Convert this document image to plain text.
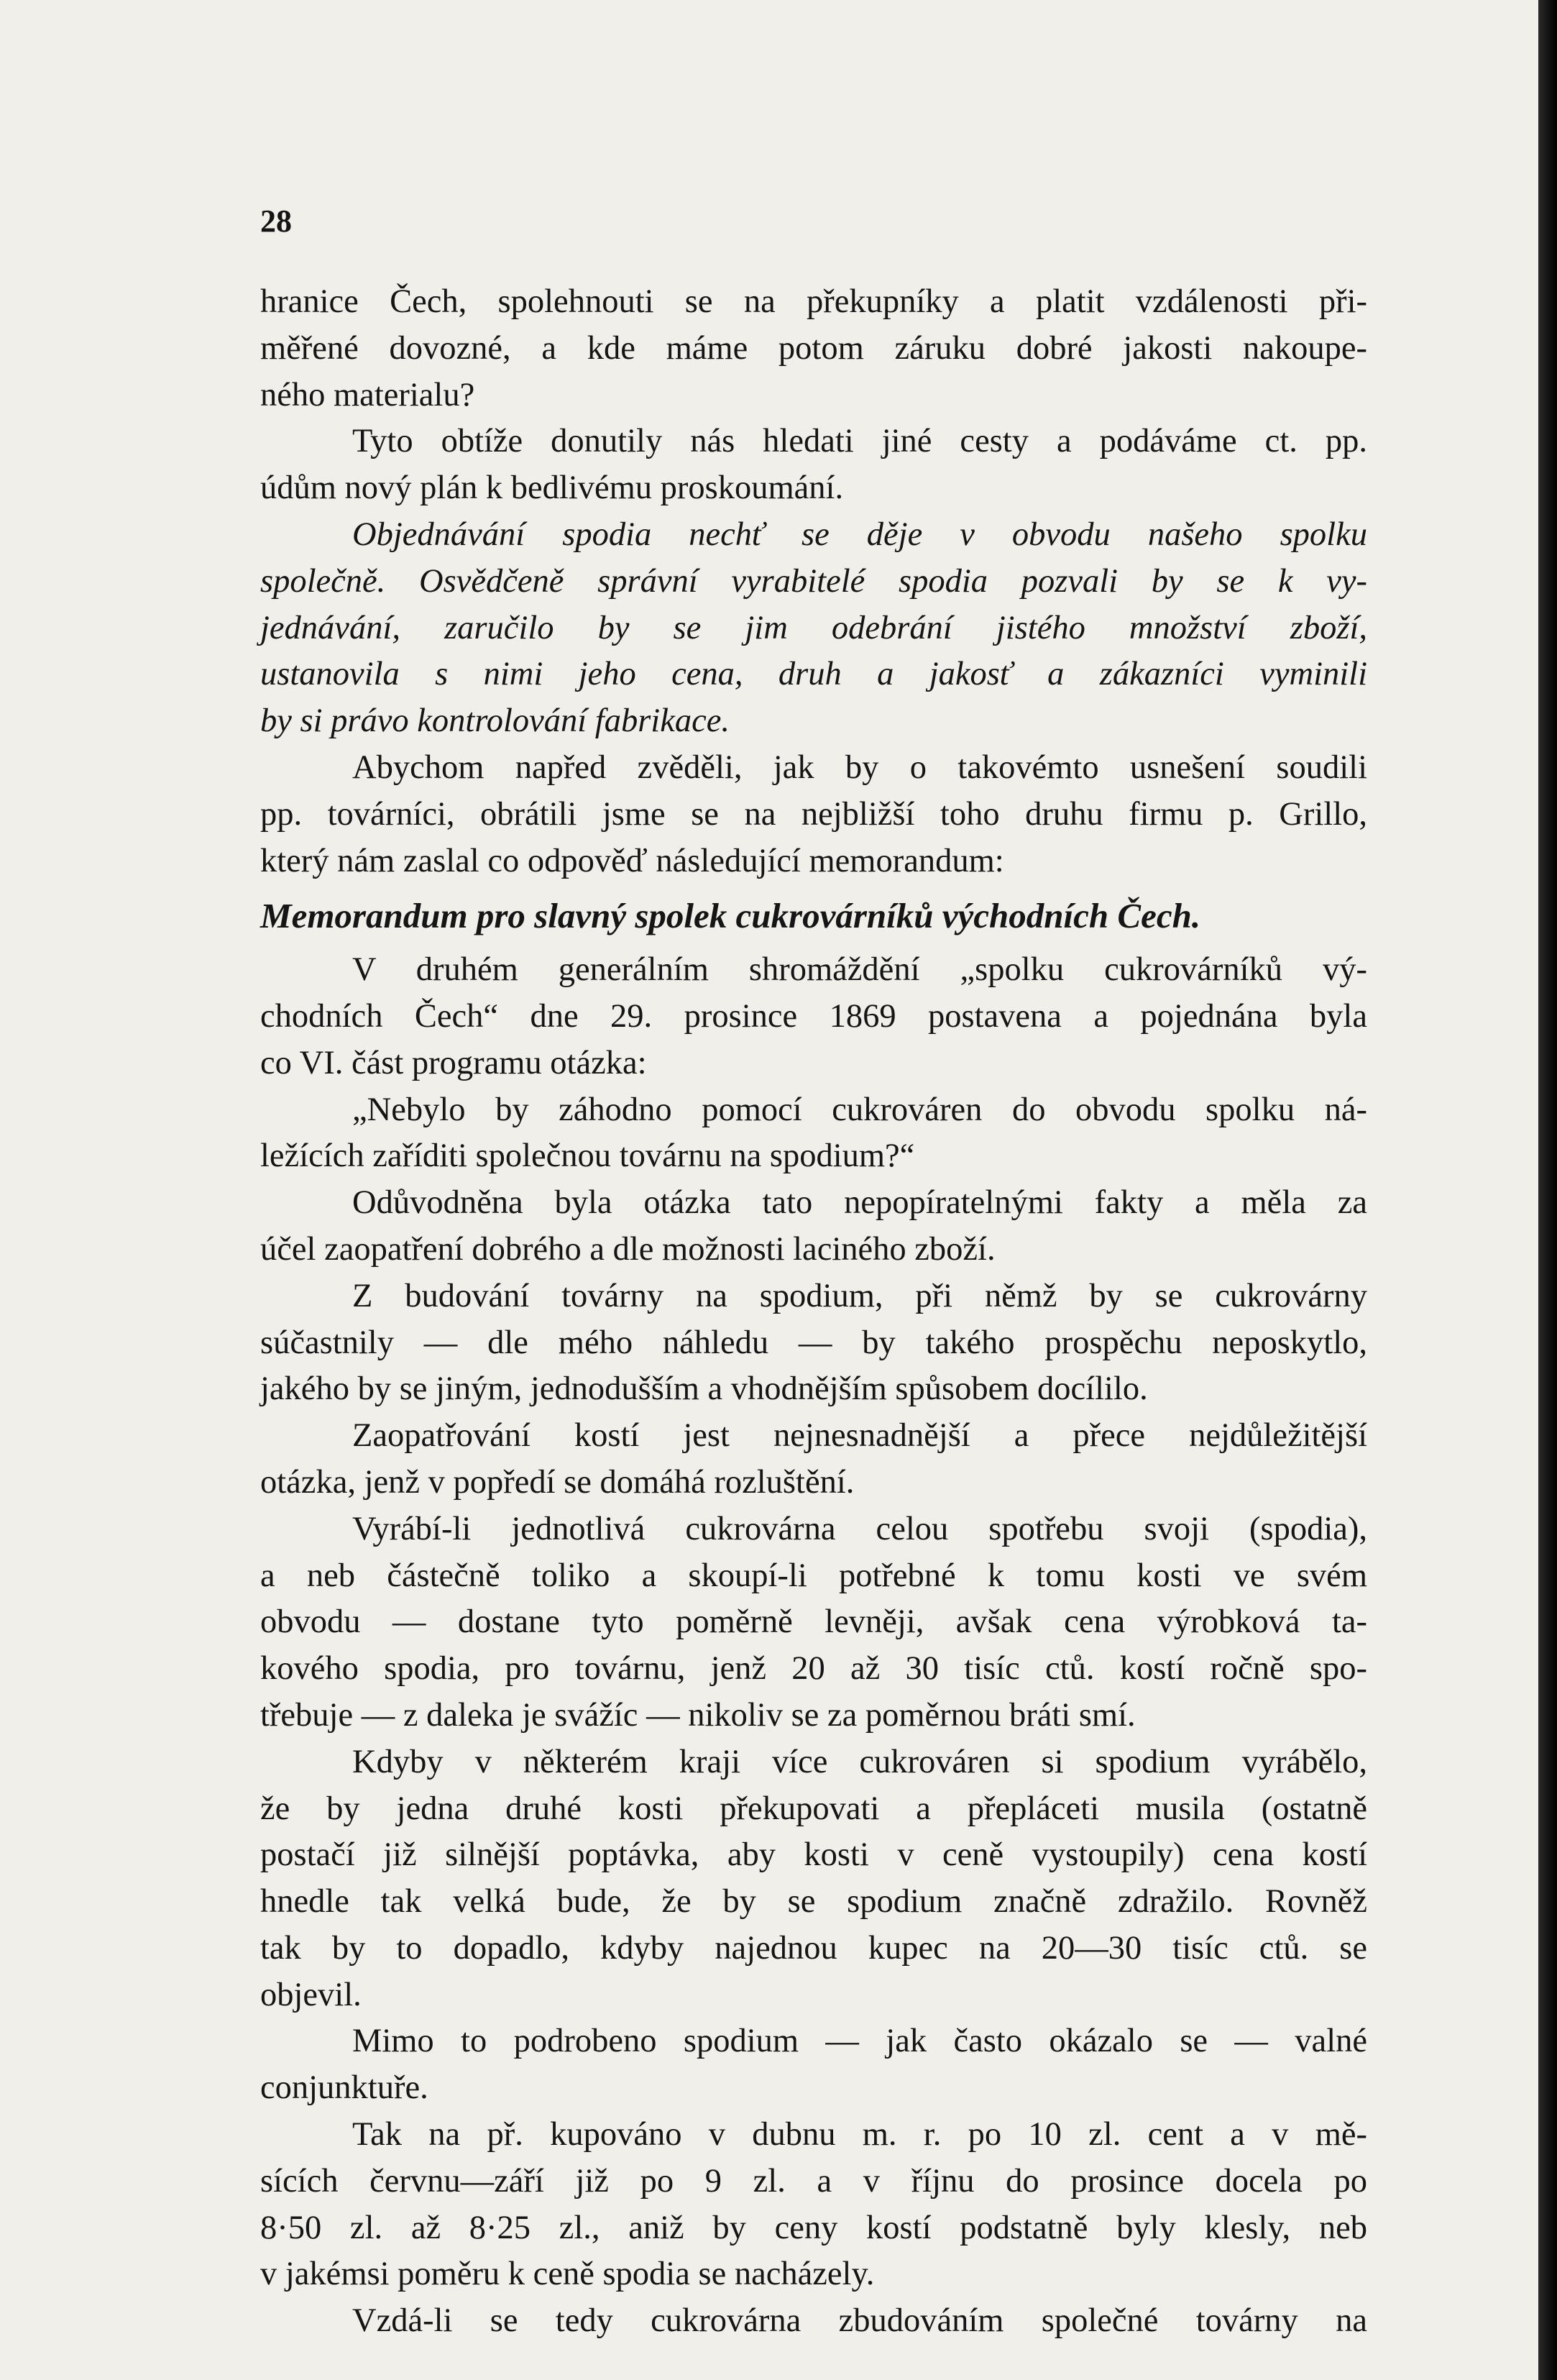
28

hranice Čech, spolehnouti se na překupníky a platit vzdálenosti při-
měřené dovozné, a kde máme potom záruku dobré jakosti nakoupe-
ného materialu?

Tyto obtíže donutily nás hledati jiné cesty a podáváme ct. pp.
údům nový plán k bedlivému proskoumání.

Objednávání spodia nechť se děje v obvodu našeho spolku
společně. Osvědčeně správní vyrabitelé spodia pozvali by se k vy-
jednávání, zaručilo by se jim odebrání jistého množství zboží,
ustanovila s nimi jeho cena, druh a jakosť a zákazníci vyminili
by si právo kontrolování fabrikace.

Abychom napřed zvěděli, jak by o takovémto usnešení soudili
pp. továrníci, obrátili jsme se na nejbližší toho druhu firmu p. Grillo,
který nám zaslal co odpověď následující memorandum:

Memorandum pro slavný spolek cukrovárníků východních Čech.

V druhém generálním shromáždění „spolku cukrovárníků vý-
chodních Čech“ dne 29. prosince 1869 postavena a pojednána byla
co VI. část programu otázka:

„Nebylo by záhodno pomocí cukrováren do obvodu spolku ná-
ležících zaříditi společnou továrnu na spodium?“

Odůvodněna byla otázka tato nepopíratelnými fakty a měla za
účel zaopatření dobrého a dle možnosti laciného zboží.

Z budování továrny na spodium, při němž by se cukrovárny
súčastnily — dle mého náhledu — by takého prospěchu neposkytlo,
jakého by se jiným, jednodušším a vhodnějším spůsobem docílilo.

Zaopatřování kostí jest nejnesnadnější a přece nejdůležitější
otázka, jenž v popředí se domáhá rozluštění.

Vyrábí-li jednotlivá cukrovárna celou spotřebu svoji (spodia),
a neb částečně toliko a skoupí-li potřebné k tomu kosti ve svém
obvodu — dostane tyto poměrně levněji, avšak cena výrobková ta-
kového spodia, pro továrnu, jenž 20 až 30 tisíc ctů. kostí ročně spo-
třebuje — z daleka je svážíc — nikoliv se za poměrnou bráti smí.

Kdyby v některém kraji více cukrováren si spodium vyrábělo,
že by jedna druhé kosti překupovati a přepláceti musila (ostatně
postačí již silnější poptávka, aby kosti v ceně vystoupily) cena kostí
hnedle tak velká bude, že by se spodium značně zdražilo. Rovněž
tak by to dopadlo, kdyby najednou kupec na 20—30 tisíc ctů. se
objevil.

Mimo to podrobeno spodium — jak často okázalo se — valné
conjunktuře.

Tak na př. kupováno v dubnu m. r. po 10 zl. cent a v mě-
sících červnu—září již po 9 zl. a v říjnu do prosince docela po
8·50 zl. až 8·25 zl., aniž by ceny kostí podstatně byly klesly, neb
v jakémsi poměru k ceně spodia se nacházely.

Vzdá-li se tedy cukrovárna zbudováním společné továrny na
